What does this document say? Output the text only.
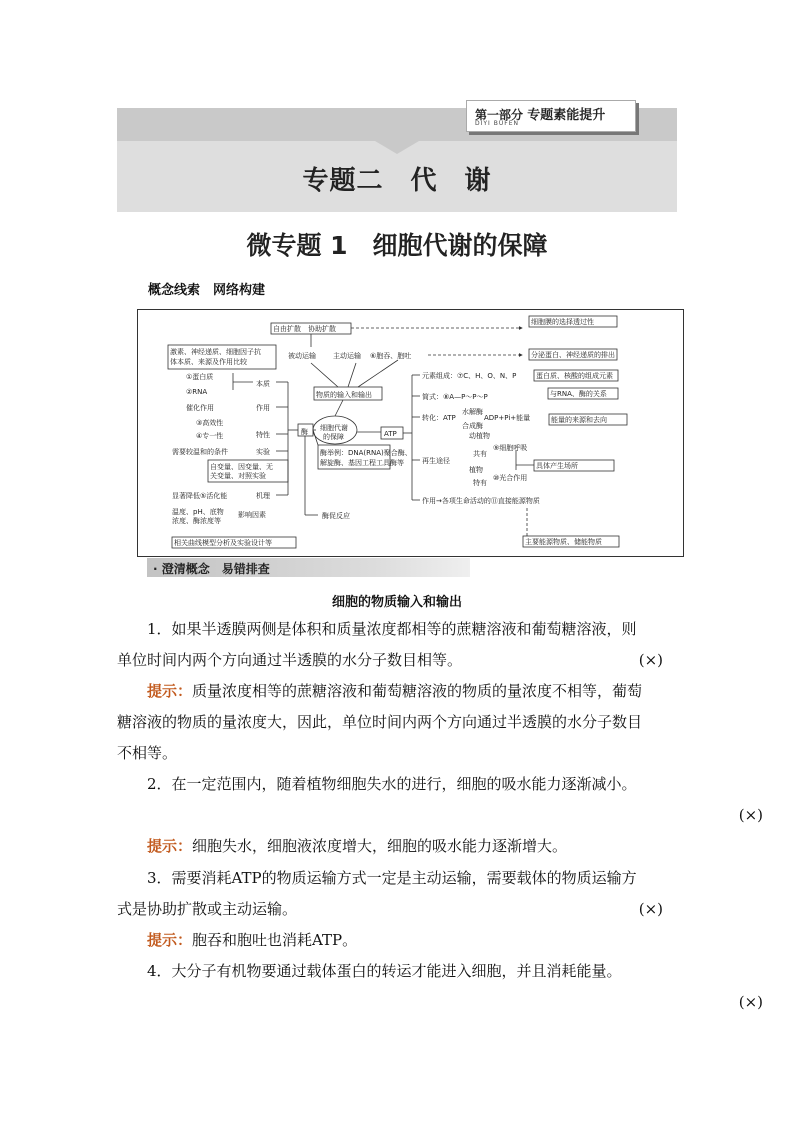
第一部分 专题素能提升
DIYI BUFEN
专题二　代　谢
微专题 1　细胞代谢的保障
概念线索　网络构建
自由扩散 协助扩散
被动运输 主动运输 ⑥胞吞、胞吐
物质的输入和输出
细胞代谢
的保障	ATP
酶
酶举例：DNA(RNA)聚合酶、
解旋酶、基因工程工具酶等
细胞膜的选择透过性
分泌蛋白、神经递质的排出
元素组成：⑦C、H、O、N、P	蛋白质、核酸的组成元素
简式：⑧A—P～P～P	与RNA、酶的关系
转化：ATP
水解酶
合成酶
ADP+Pi+能量	能量的来源和去向
动植物
共有
⑨细胞呼吸
再生途径
植物
特有
⑩光合作用
具体产生场所
作用→各项生命活动的⑪直接能源物质
主要能源物质、储能物质
激素、神经递质、细胞因子抗
体本质、来源及作用比较
①蛋白质
②RNA
本质
催化作用	作用
③高效性
④专一性	特性
需要较温和的条件	实验
自变量、因变量、无
关变量、对照实验
显著降低⑤活化能	机理
温度、pH、底物
浓度、酶浓度等
影响因素	酶促反应
相关曲线模型分析及实验设计等
· 澄清概念　易错排查
细胞的物质输入和输出
1．如果半透膜两侧是体积和质量浓度都相等的蔗糖溶液和葡萄糖溶液，则
单位时间内两个方向通过半透膜的水分子数目相等。	(×)
提示：质量浓度相等的蔗糖溶液和葡萄糖溶液的物质的量浓度不相等，葡萄
糖溶液的物质的量浓度大，因此，单位时间内两个方向通过半透膜的水分子数目
不相等。
2．在一定范围内，随着植物细胞失水的进行，细胞的吸水能力逐渐减小。
(×)
提示：细胞失水，细胞液浓度增大，细胞的吸水能力逐渐增大。
3．需要消耗ATP的物质运输方式一定是主动运输，需要载体的物质运输方
式是协助扩散或主动运输。	(×)
提示：胞吞和胞吐也消耗ATP。
4．大分子有机物要通过载体蛋白的转运才能进入细胞，并且消耗能量。
(×)
